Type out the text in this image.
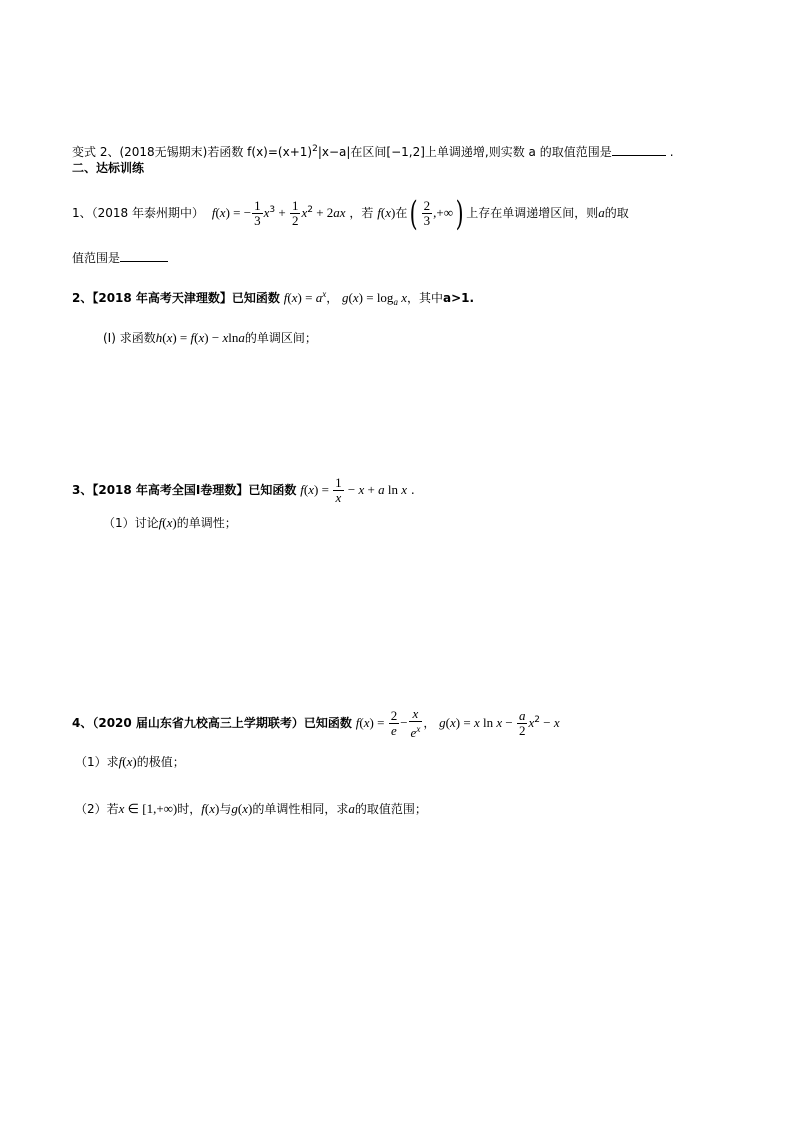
变式 2、(2018无锡期末)若函数 $f(x)=(x+1)^2|x-a|$在区间[−1,2]上单调递增,则实数 a 的取值范围是	.
二、达标训练
1、（2018 年泰州期中） f(x) = − $\frac{1}{3} x^3 + \frac{1}{2} x^2 + 2ax$ ，若 f(x)在( $\frac{2}{3}$ ,+∞) 上存在单调递增区间，则a的取
值范围是
2、【2018 年高考天津理数】已知函数 $f(x) = a^x$， $g(x) = \log_a x$，其中a>1.
(I) 求函数h(x) = f(x) − xlna的单调区间；
3、【2018 年高考全国Ⅰ卷理数】已知函数 $f(x) = \frac{1}{x} - x + a$ ln x .
（1）讨论f(x)的单调性；
4、（2020 届山东省九校高三上学期联考）已知函数 $f(x) = \frac{2}{e} - \frac{x}{e^x}$ ， g(x) = x $\ln x - \frac{a}{2} x^2 - x$
（1）求f(x)的极值；
（2）若x ∈ [1,+∞)时，f(x)与g(x)的单调性相同，求a的取值范围；
